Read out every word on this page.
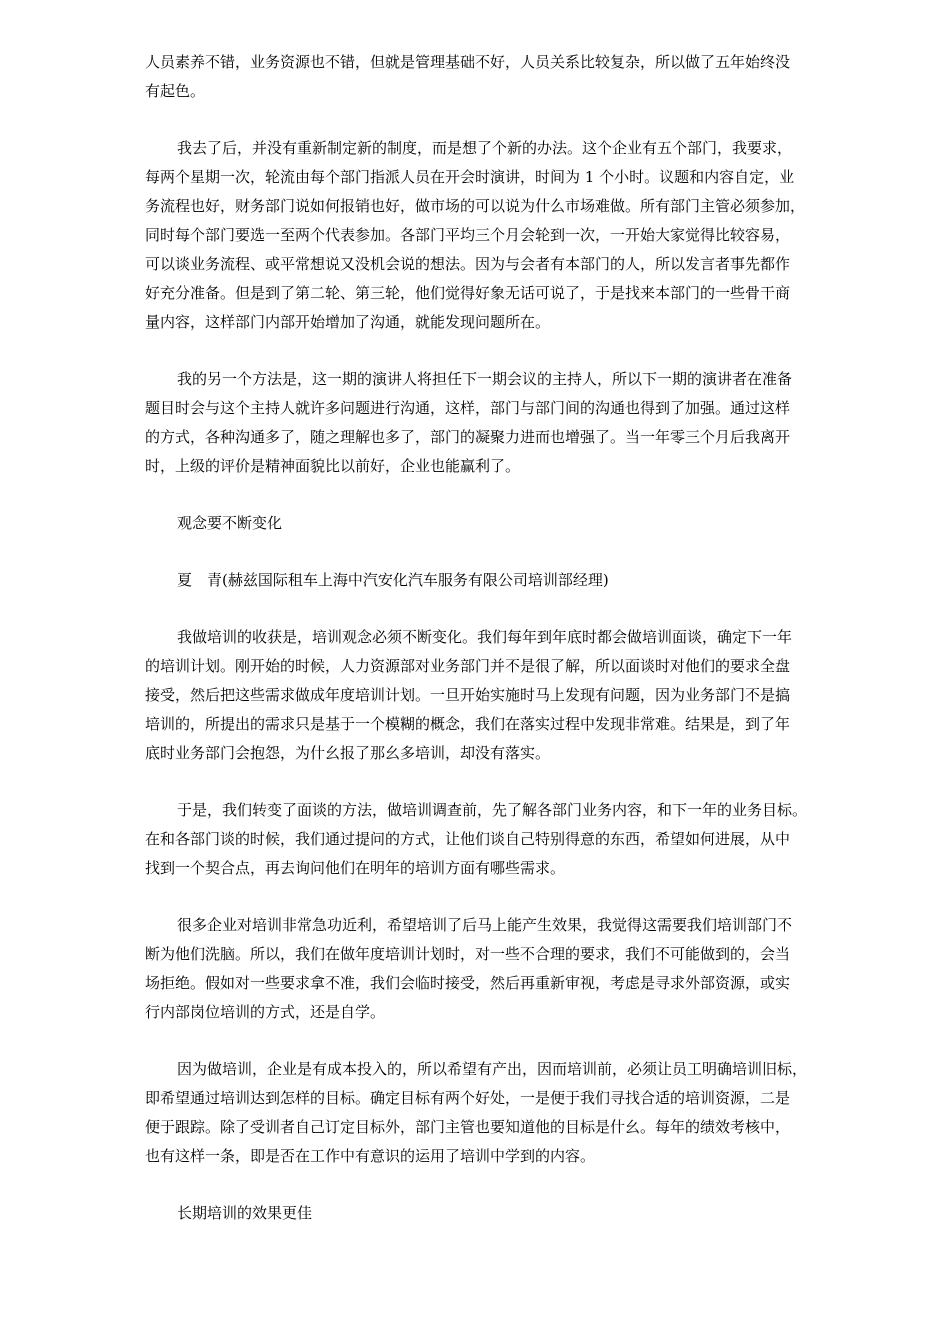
人员素养不错，业务资源也不错，但就是管理基础不好，人员关系比较复杂，所以做了五年始终没
有起色。
我去了后，并没有重新制定新的制度，而是想了个新的办法。这个企业有五个部门，我要求，
每两个星期一次，轮流由每个部门指派人员在开会时演讲，时间为 1 个小时。议题和内容自定，业
务流程也好，财务部门说如何报销也好，做市场的可以说为什么市场难做。所有部门主管必须参加，
同时每个部门要选一至两个代表参加。各部门平均三个月会轮到一次，一开始大家觉得比较容易，
可以谈业务流程、或平常想说又没机会说的想法。因为与会者有本部门的人，所以发言者事先都作
好充分准备。但是到了第二轮、第三轮，他们觉得好象无话可说了，于是找来本部门的一些骨干商
量内容，这样部门内部开始增加了沟通，就能发现问题所在。
我的另一个方法是，这一期的演讲人将担任下一期会议的主持人，所以下一期的演讲者在准备
题目时会与这个主持人就许多问题进行沟通，这样，部门与部门间的沟通也得到了加强。通过这样
的方式，各种沟通多了，随之理解也多了，部门的凝聚力进而也增强了。当一年零三个月后我离开
时，上级的评价是精神面貌比以前好，企业也能赢利了。
观念要不断变化
夏　青(赫兹国际租车上海中汽安化汽车服务有限公司培训部经理)
我做培训的收获是，培训观念必须不断变化。我们每年到年底时都会做培训面谈，确定下一年
的培训计划。刚开始的时候，人力资源部对业务部门并不是很了解，所以面谈时对他们的要求全盘
接受，然后把这些需求做成年度培训计划。一旦开始实施时马上发现有问题，因为业务部门不是搞
培训的，所提出的需求只是基于一个模糊的概念，我们在落实过程中发现非常难。结果是，到了年
底时业务部门会抱怨，为什幺报了那幺多培训，却没有落实。
于是，我们转变了面谈的方法，做培训调查前，先了解各部门业务内容，和下一年的业务目标。
在和各部门谈的时候，我们通过提问的方式，让他们谈自己特别得意的东西，希望如何进展，从中
找到一个契合点，再去询问他们在明年的培训方面有哪些需求。
很多企业对培训非常急功近利，希望培训了后马上能产生效果，我觉得这需要我们培训部门不
断为他们洗脑。所以，我们在做年度培训计划时，对一些不合理的要求，我们不可能做到的，会当
场拒绝。假如对一些要求拿不准，我们会临时接受，然后再重新审视，考虑是寻求外部资源，或实
行内部岗位培训的方式，还是自学。
因为做培训，企业是有成本投入的，所以希望有产出，因而培训前，必须让员工明确培训旧标，
即希望通过培训达到怎样的目标。确定目标有两个好处，一是便于我们寻找合适的培训资源，二是
便于跟踪。除了受训者自己订定目标外，部门主管也要知道他的目标是什幺。每年的绩效考核中，
也有这样一条，即是否在工作中有意识的运用了培训中学到的内容。
长期培训的效果更佳
